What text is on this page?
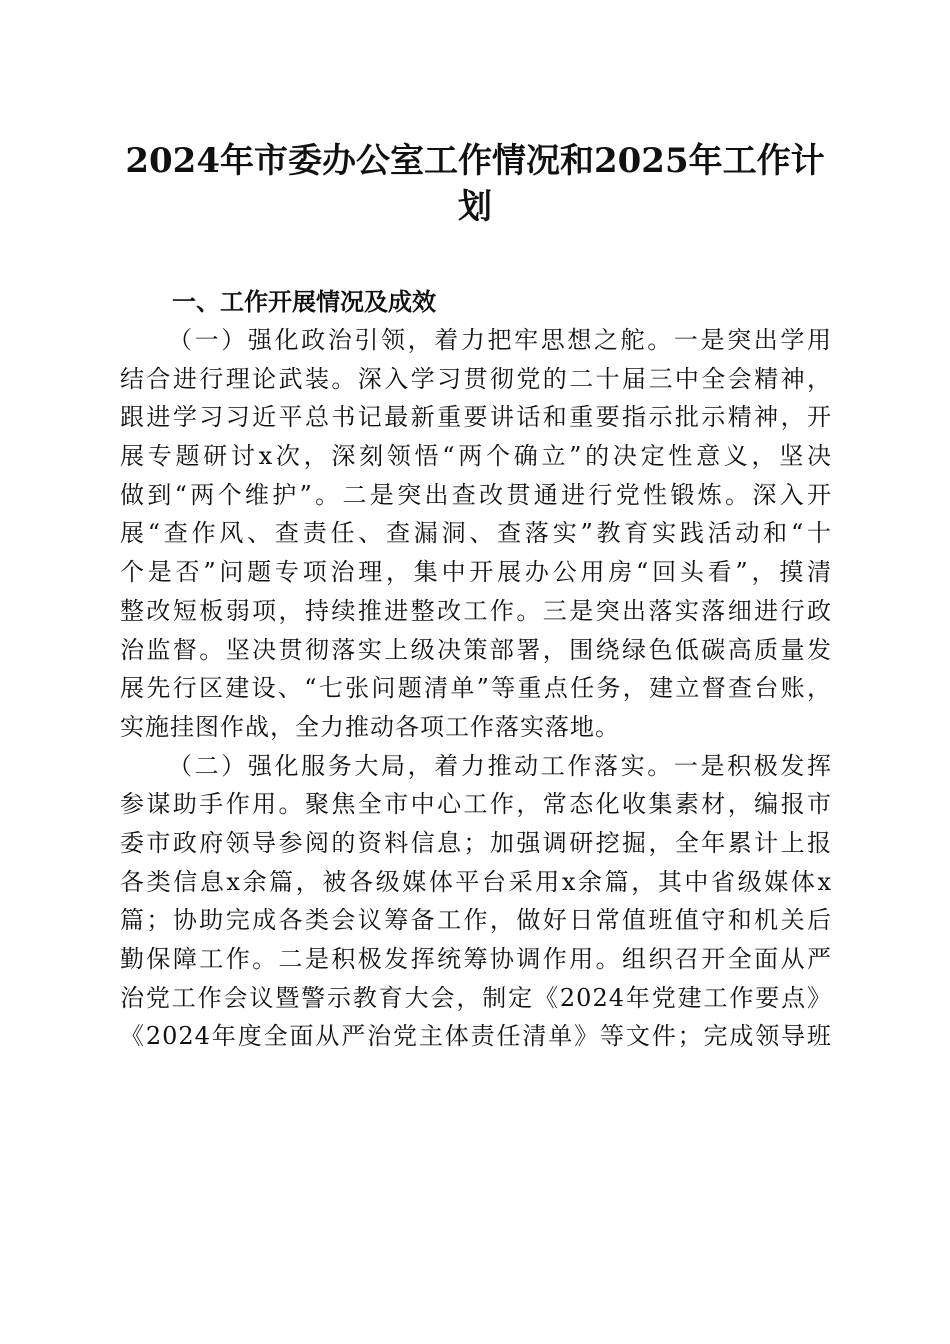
2024年市委办公室工作情况和2025年工作计
划

一、工作开展情况及成效

（一）强化政治引领，着力把牢思想之舵。一是突出学用
结合进行理论武装。深入学习贯彻党的二十届三中全会精神，
跟进学习习近平总书记最新重要讲话和重要指示批示精神，开
展专题研讨x次，深刻领悟“两个确立”的决定性意义，坚决
做到“两个维护”。二是突出查改贯通进行党性锻炼。深入开
展“查作风、查责任、查漏洞、查落实”教育实践活动和“十
个是否”问题专项治理，集中开展办公用房“回头看”，摸清
整改短板弱项，持续推进整改工作。三是突出落实落细进行政
治监督。坚决贯彻落实上级决策部署，围绕绿色低碳高质量发
展先行区建设、“七张问题清单”等重点任务，建立督查台账，
实施挂图作战，全力推动各项工作落实落地。
（二）强化服务大局，着力推动工作落实。一是积极发挥
参谋助手作用。聚焦全市中心工作，常态化收集素材，编报市
委市政府领导参阅的资料信息；加强调研挖掘，全年累计上报
各类信息x余篇，被各级媒体平台采用x余篇，其中省级媒体x
篇；协助完成各类会议筹备工作，做好日常值班值守和机关后
勤保障工作。二是积极发挥统筹协调作用。组织召开全面从严
治党工作会议暨警示教育大会，制定《2024年党建工作要点》
《2024年度全面从严治党主体责任清单》等文件；完成领导班
